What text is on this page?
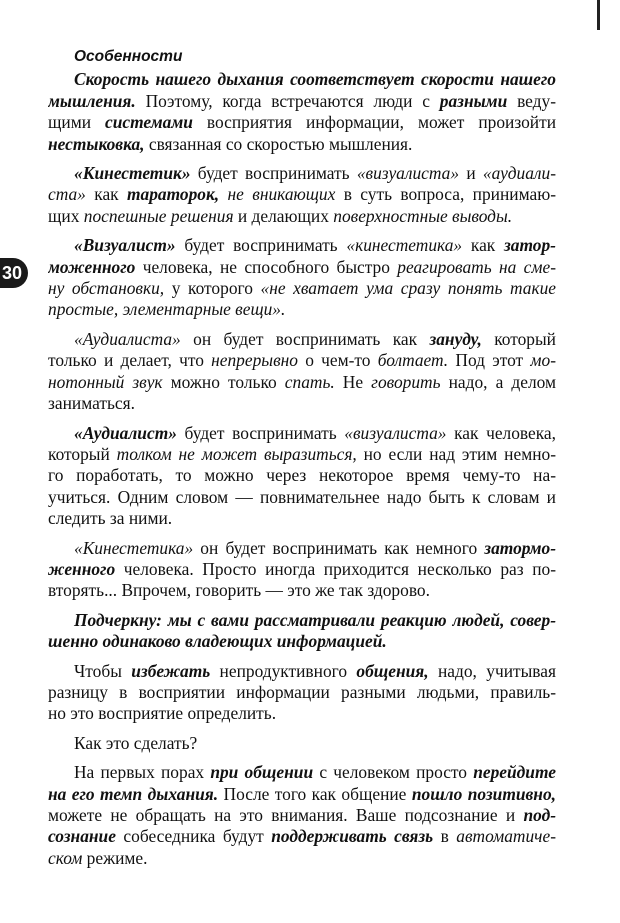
30
Особенности

Скорость нашего дыхания соответствует скорости нашего
мышления. Поэтому, когда встречаются люди с разными веду-
щими системами восприятия информации, может произойти
нестыковка, связанная со скоростью мышления.

«Кинестетик» будет воспринимать «визуалиста» и «аудиали-
ста» как тараторок, не вникающих в суть вопроса, принимаю-
щих поспешные решения и делающих поверхностные выводы.

«Визуалист» будет воспринимать «кинестетика» как затор-
моженного человека, не способного быстро реагировать на сме-
ну обстановки, у которого «не хватает ума сразу понять такие
простые, элементарные вещи».

«Аудиалиста» он будет воспринимать как зануду, который
только и делает, что непрерывно о чем-то болтает. Под этот мо-
нотонный звук можно только спать. Не говорить надо, а делом
заниматься.

«Аудиалист» будет воспринимать «визуалиста» как человека,
который толком не может выразиться, но если над этим немно-
го поработать, то можно через некоторое время чему-то на-
учиться. Одним словом — повнимательнее надо быть к словам и
следить за ними.

«Кинестетика» он будет воспринимать как немного затормо-
женного человека. Просто иногда приходится несколько раз по-
вторять... Впрочем, говорить — это же так здорово.

Подчеркну: мы с вами рассматривали реакцию людей, совер-
шенно одинаково владеющих информацией.

Чтобы избежать непродуктивного общения, надо, учитывая
разницу в восприятии информации разными людьми, правиль-
но это восприятие определить.

Как это сделать?

На первых порах при общении с человеком просто перейдите
на его темп дыхания. После того как общение пошло позитивно,
можете не обращать на это внимания. Ваше подсознание и под-
сознание собеседника будут поддерживать связь в автоматиче-
ском режиме.
